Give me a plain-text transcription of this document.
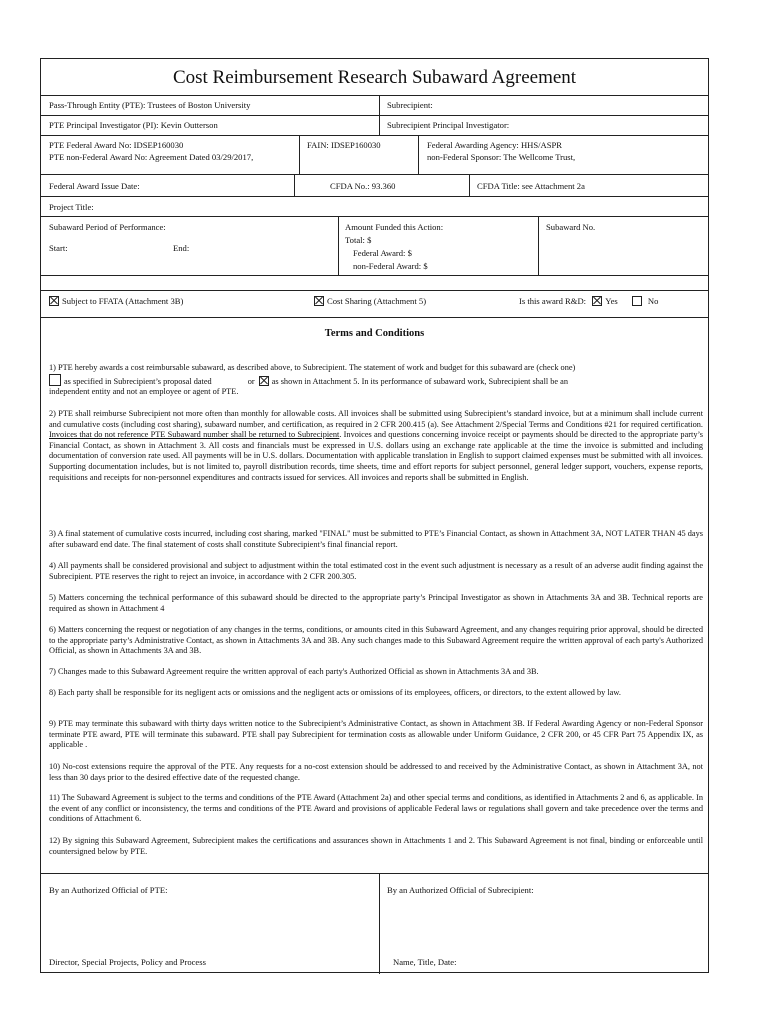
Cost Reimbursement Research Subaward Agreement
Pass-Through Entity (PTE): Trustees of Boston University	Subrecipient:
PTE Principal Investigator (PI): Kevin Outterson	Subrecipient Principal Investigator:
PTE Federal Award No: IDSEP160030
PTE non-Federal Award No: Agreement Dated 03/29/2017,
FAIN: IDSEP160030	Federal Awarding Agency: HHS/ASPR
non-Federal Sponsor: The Wellcome Trust,
Federal Award Issue Date:	CFDA No.: 93.360	CFDA Title: see Attachment 2a
Project Title:
Subaward Period of Performance:
Start:	End:
Amount Funded this Action:
Total: $
Federal Award: $
non-Federal Award: $
Subaward No.
Subject to FFATA (Attachment 3B)	Cost Sharing (Attachment 5)	Is this award R&D: Yes	No
Terms and Conditions
1) PTE hereby awards a cost reimbursable subaward, as described above, to Subrecipient. The statement of work and budget for this subaward are (check one)
as specified in Subrecipient’s proposal dated	or as shown in Attachment 5. In its performance of subaward work, Subrecipient shall be an
independent entity and not an employee or agent of PTE.
2) PTE shall reimburse Subrecipient not more often than monthly for allowable costs. All invoices shall be submitted using Subrecipient’s standard invoice, but at a minimum shall include current and cumulative costs (including cost sharing), subaward number, and certification, as required in 2 CFR 200.415 (a). See Attachment 2/Special Terms and Conditions #21 for required certification. Invoices that do not reference PTE Subaward number shall be returned to Subrecipient. Invoices and questions concerning invoice receipt or payments should be directed to the appropriate party’s Financial Contact, as shown in Attachment 3. All costs and financials must be expressed in U.S. dollars using an exchange rate applicable at the time the invoice is submitted and including documentation of conversion rate used. All payments will be in U.S. dollars. Documentation with applicable translation in English to support claimed expenses must be submitted with all invoices. Supporting documentation includes, but is not limited to, payroll distribution records, time sheets, time and effort reports for subject personnel, general ledger support, vouchers, expense reports, requisitions and receipts for non-personnel expenditures and contracts issued for services. All invoices and reports shall be submitted in English.
3) A final statement of cumulative costs incurred, including cost sharing, marked "FINAL" must be submitted to PTE’s Financial Contact, as shown in Attachment 3A, NOT LATER THAN 45 days after subaward end date. The final statement of costs shall constitute Subrecipient’s final financial report.
4) All payments shall be considered provisional and subject to adjustment within the total estimated cost in the event such adjustment is necessary as a result of an adverse audit finding against the Subrecipient. PTE reserves the right to reject an invoice, in accordance with 2 CFR 200.305.
5) Matters concerning the technical performance of this subaward should be directed to the appropriate party’s Principal Investigator as shown in Attachments 3A and 3B. Technical reports are required as shown in Attachment 4
6) Matters concerning the request or negotiation of any changes in the terms, conditions, or amounts cited in this Subaward Agreement, and any changes requiring prior approval, should be directed to the appropriate party’s Administrative Contact, as shown in Attachments 3A and 3B. Any such changes made to this Subaward Agreement require the written approval of each party's Authorized Official, as shown in Attachments 3A and 3B.
7) Changes made to this Subaward Agreement require the written approval of each party's Authorized Official as shown in Attachments 3A and 3B.
8) Each party shall be responsible for its negligent acts or omissions and the negligent acts or omissions of its employees, officers, or directors, to the extent allowed by law.
9) PTE may terminate this subaward with thirty days written notice to the Subrecipient’s Administrative Contact, as shown in Attachment 3B. If Federal Awarding Agency or non-Federal Sponsor terminate PTE award, PTE will terminate this subaward. PTE shall pay Subrecipient for termination costs as allowable under Uniform Guidance, 2 CFR 200, or 45 CFR Part 75 Appendix IX, as applicable .
10) No-cost extensions require the approval of the PTE. Any requests for a no-cost extension should be addressed to and received by the Administrative Contact, as shown in Attachment 3A, not less than 30 days prior to the desired effective date of the requested change.
11) The Subaward Agreement is subject to the terms and conditions of the PTE Award (Attachment 2a) and other special terms and conditions, as identified in Attachments 2 and 6, as applicable. In the event of any conflict or inconsistency, the terms and conditions of the PTE Award and provisions of applicable Federal laws or regulations shall govern and take precedence over the terms and conditions of Attachment 6.
12) By signing this Subaward Agreement, Subrecipient makes the certifications and assurances shown in Attachments 1 and 2. This Subaward Agreement is not final, binding or enforceable until countersigned below by PTE.
By an Authorized Official of PTE:	By an Authorized Official of Subrecipient:
Director, Special Projects, Policy and Process	Name, Title, Date:
